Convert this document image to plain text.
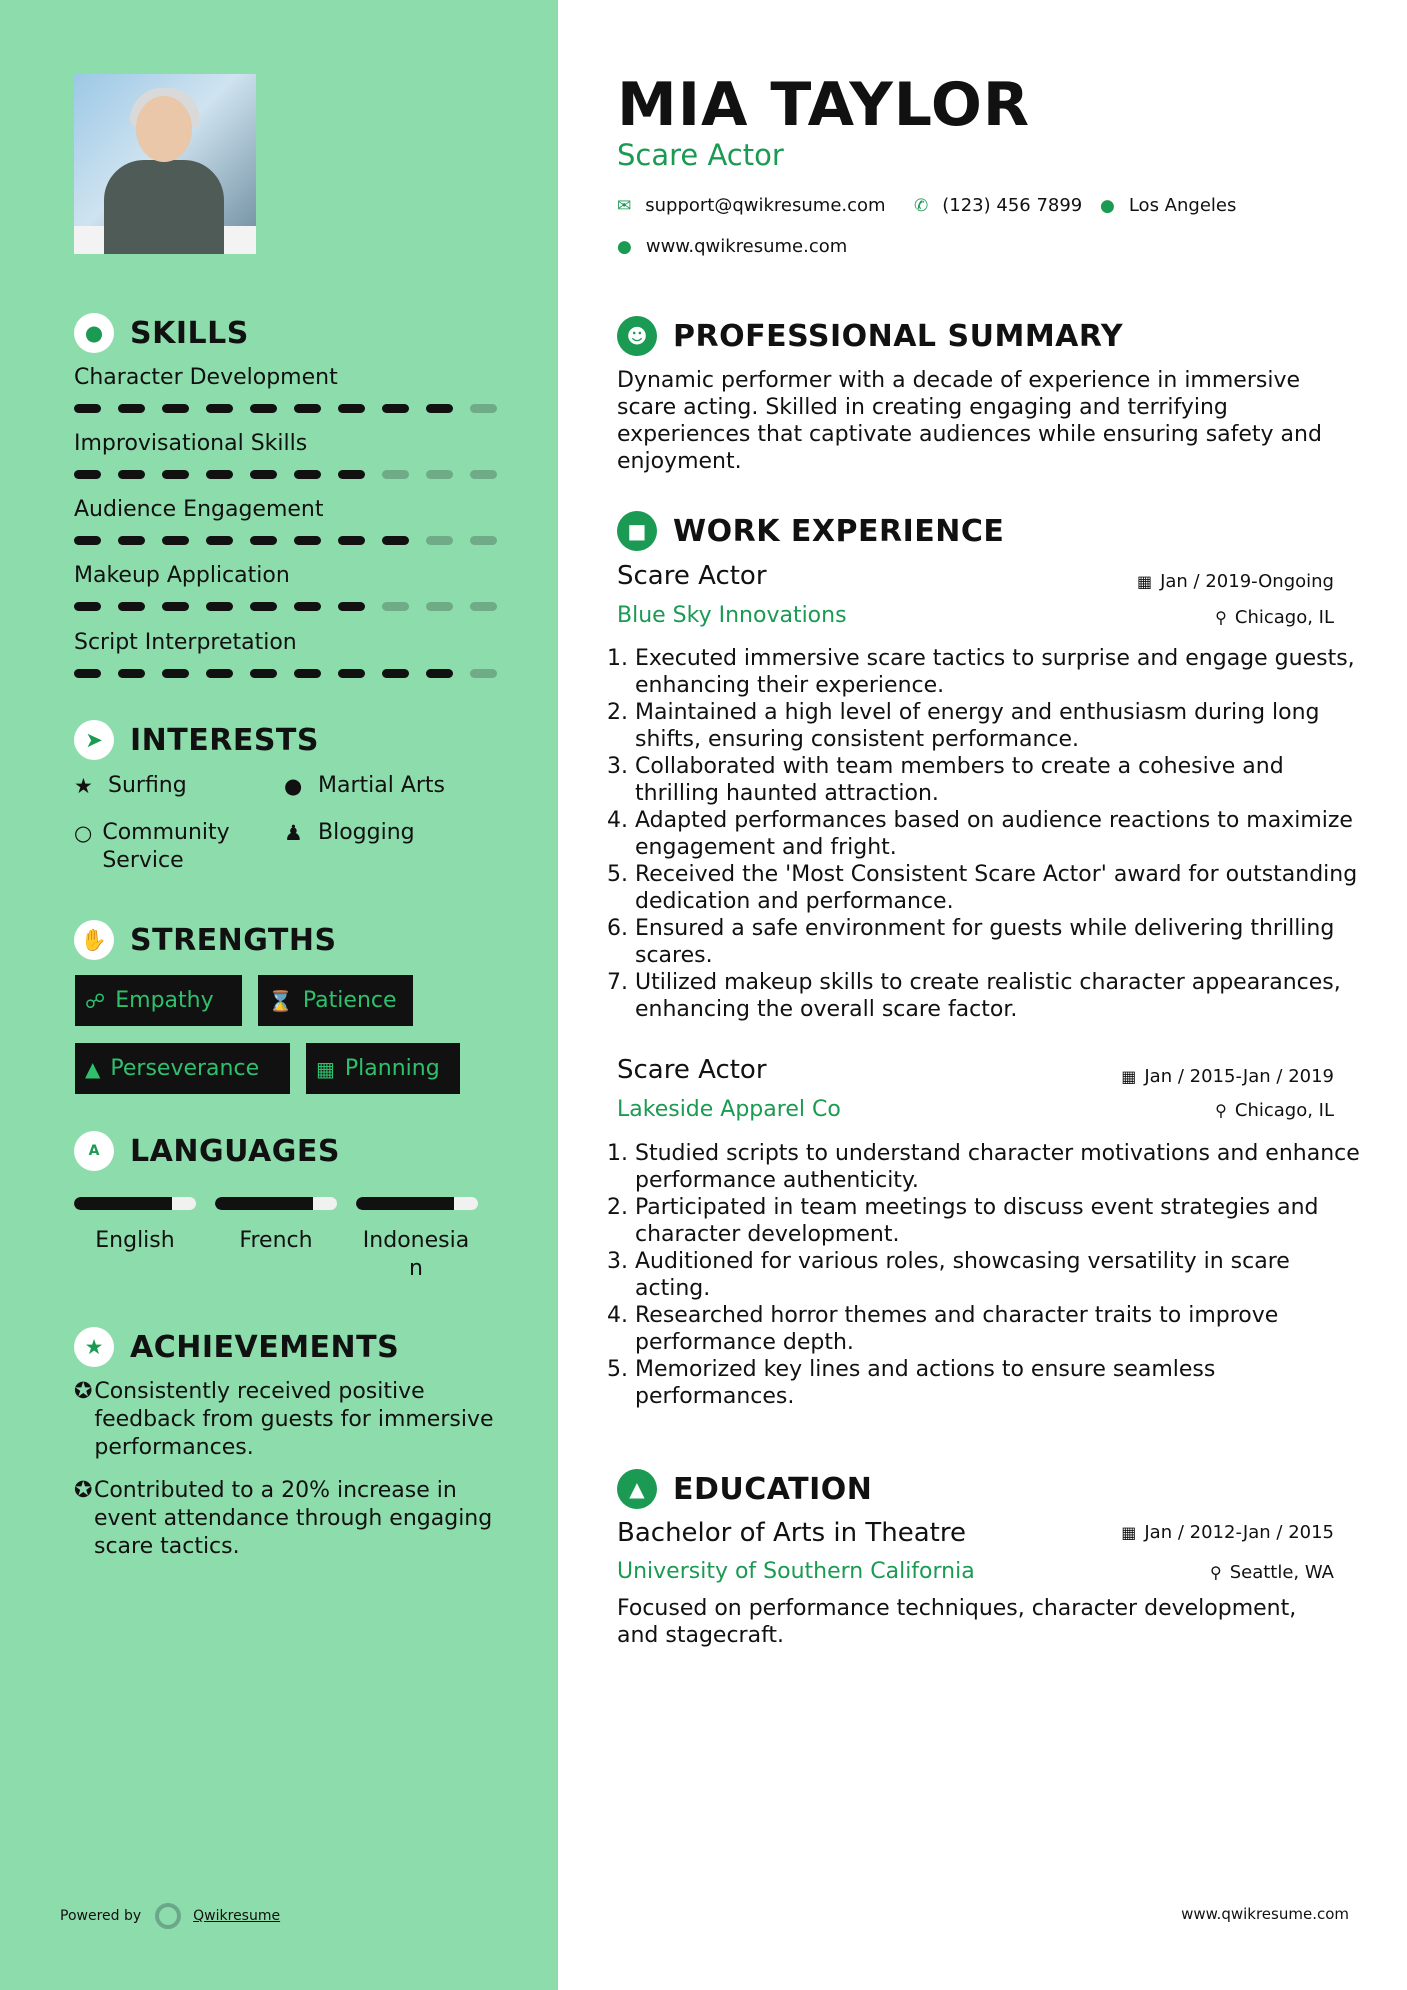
● SKILLS
Character Development
Improvisational Skills
Audience Engagement
Makeup Application
Script Interpretation
➤ INTERESTS
★ Surfing	● Martial Arts
○ Community Service
♟ Blogging
✋ STRENGTHS
☍ Empathy	⌛ Patience
▲ Perseverance	▦ Planning
A	LANGUAGES
English	French	Indonesian
★ ACHIEVEMENTS
✪ Consistently received positive feedback from guests for immersive performances.
✪ Contributed to a 20% increase in event attendance through engaging scare tactics.
Powered by	Qwikresume
MIA TAYLOR
Scare Actor
✉ support@qwikresume.com ✆ (123) 456 7899 ● Los Angeles
● www.qwikresume.com
☻ PROFESSIONAL SUMMARY
Dynamic performer with a decade of experience in immersive scare acting. Skilled in creating engaging and terrifying experiences that captivate audiences while ensuring safety and enjoyment.
■ WORK EXPERIENCE
Scare Actor	▦ Jan / 2019-Ongoing
Blue Sky Innovations	⚲ Chicago, IL
1. Executed immersive scare tactics to surprise and engage guests, enhancing their experience.
2. Maintained a high level of energy and enthusiasm during long shifts, ensuring consistent performance.
3. Collaborated with team members to create a cohesive and thrilling haunted attraction.
4. Adapted performances based on audience reactions to maximize engagement and fright.
5. Received the 'Most Consistent Scare Actor' award for outstanding dedication and performance.
6. Ensured a safe environment for guests while delivering thrilling scares.
7. Utilized makeup skills to create realistic character appearances, enhancing the overall scare factor.
Scare Actor	▦ Jan / 2015-Jan / 2019
Lakeside Apparel Co	⚲ Chicago, IL
1. Studied scripts to understand character motivations and enhance performance authenticity.
2. Participated in team meetings to discuss event strategies and character development.
3. Auditioned for various roles, showcasing versatility in scare acting.
4. Researched horror themes and character traits to improve performance depth.
5. Memorized key lines and actions to ensure seamless performances.
▲ EDUCATION
Bachelor of Arts in Theatre	▦ Jan / 2012-Jan / 2015
University of Southern California	⚲ Seattle, WA
Focused on performance techniques, character development, and stagecraft.
www.qwikresume.com
